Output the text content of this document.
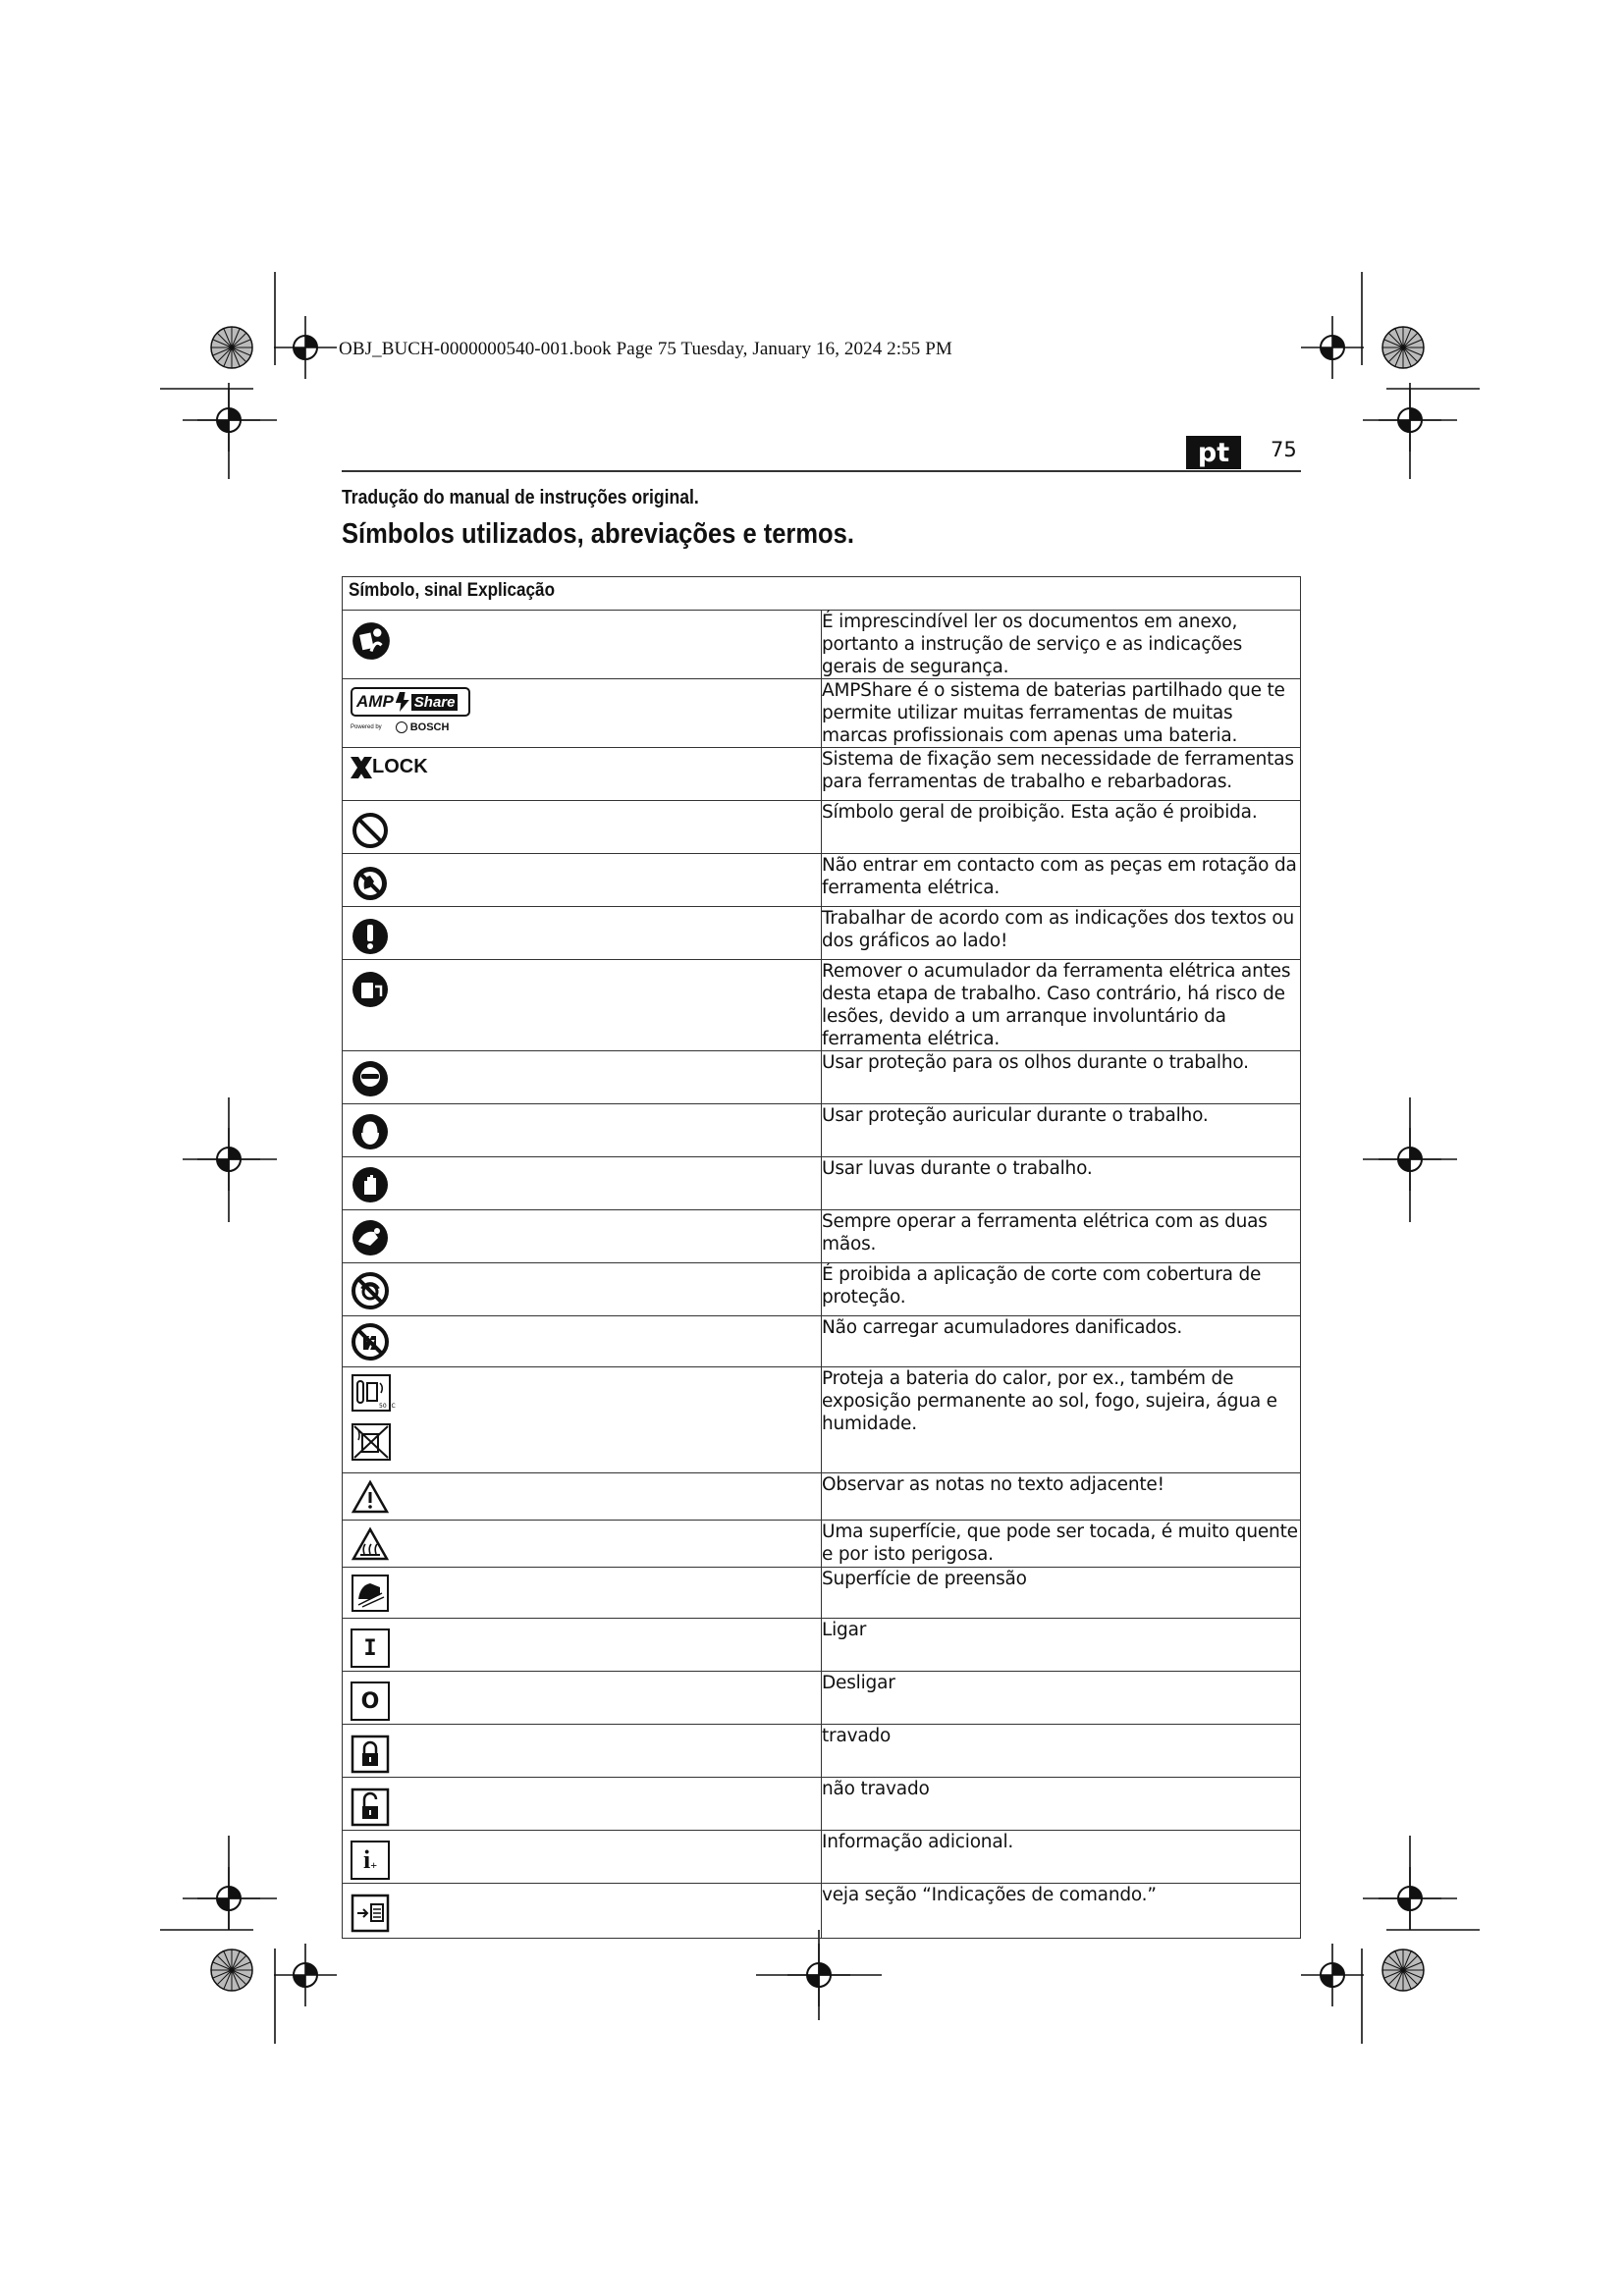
OBJ_BUCH-0000000540-001.book Page 75 Tuesday, January 16, 2024 2:55 PM
pt	75
Tradução do manual de instruções original.
Símbolos utilizados, abreviações e termos.
Símbolo, sinal Explicação	

	É imprescindível ler os documentos em anexo, portanto a instrução de serviço e as indicações gerais de segurança.

AMP Share
Powered by BOSCH	AMPShare é o sistema de baterias partilhado que te permite utilizar muitas ferramentas de muitas marcas profissionais com apenas uma bateria.

LOCK	Sistema de fixação sem necessidade de ferramentas para ferramentas de trabalho e rebarbadoras.

	Símbolo geral de proibição. Esta ação é proibida.

	Não entrar em contacto com as peças em rotação da ferramenta elétrica.

	Trabalhar de acordo com as indicações dos textos ou dos gráficos ao lado!

	Remover o acumulador da ferramenta elétrica antes desta etapa de trabalho. Caso contrário, há risco de lesões, devido a um arranque involuntário da ferramenta elétrica.

	Usar proteção para os olhos durante o trabalho.

	Usar proteção auricular durante o trabalho.

	Usar luvas durante o trabalho.

	Sempre operar a ferramenta elétrica com as duas mãos.

	É proibida a aplicação de corte com cobertura de proteção.

	Não carregar acumuladores danificados.

50 °C	Proteja a bateria do calor, por ex., também de exposição permanente ao sol, fogo, sujeira, água e humidade.

	Observar as notas no texto adjacente!

	Uma superfície, que pode ser tocada, é muito quente e por isto perigosa.

	Superfície de preensão

I	Ligar

O	Desligar

	travado

	não travado

i +	Informação adicional.

	veja seção “Indicações de comando.”
